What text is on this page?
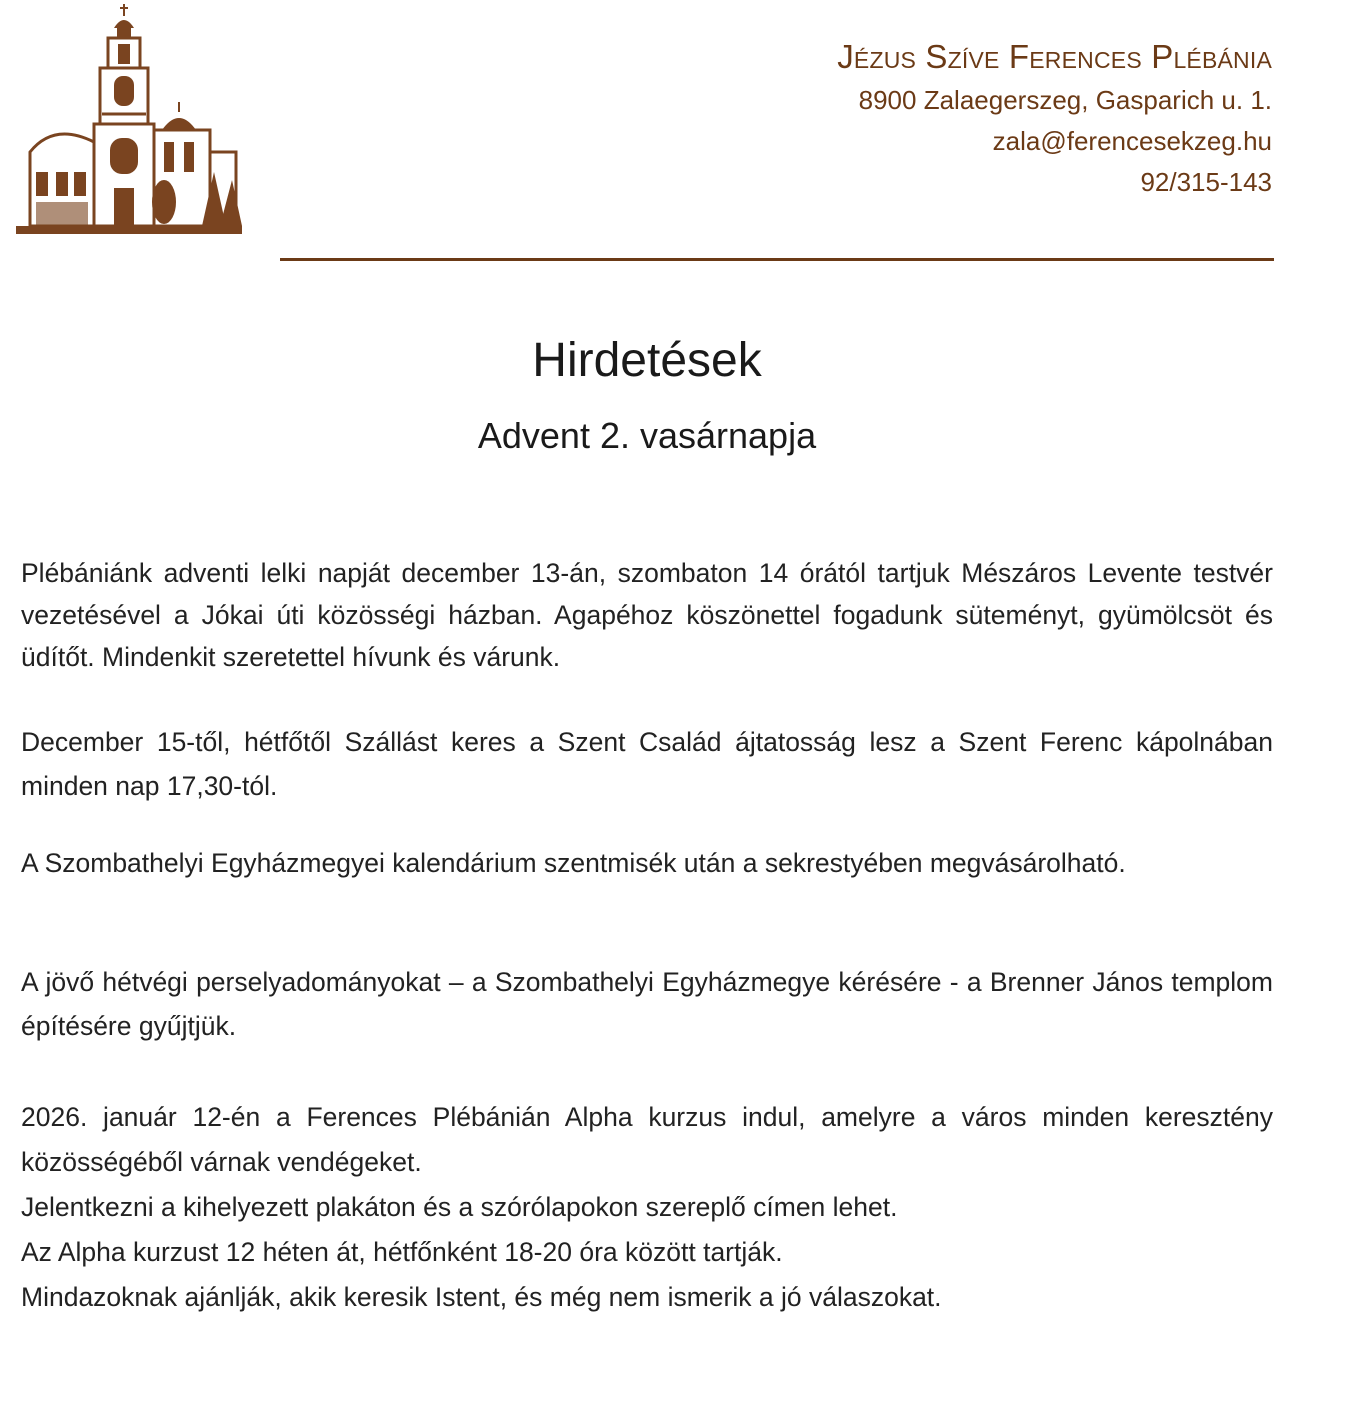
Jézus Szíve Ferences Plébánia
8900 Zalaegerszeg, Gasparich u. 1.
zala@ferencesekzeg.hu
92/315-143
Hirdetések
Advent 2. vasárnapja

Plébániánk adventi lelki napját december 13-án, szombaton 14 órától tartjuk Mészáros Levente testvér vezetésével a Jókai úti közösségi házban. Agapéhoz köszönettel fogadunk süteményt, gyümölcsöt és üdítőt. Mindenkit szeretettel hívunk és várunk.

December 15-től, hétfőtől Szállást keres a Szent Család ájtatosság lesz a Szent Ferenc kápolnában minden nap 17,30-tól.

A Szombathelyi Egyházmegyei kalendárium szentmisék után a sekrestyében megvásárolható.

A jövő hétvégi perselyadományokat – a Szombathelyi Egyházmegye kérésére - a Brenner János templom építésére gyűjtjük.

2026. január 12-én a Ferences Plébánián Alpha kurzus indul, amelyre a város minden keresztény közösségéből várnak vendégeket.
Jelentkezni a kihelyezett plakáton és a szórólapokon szereplő címen lehet.
Az Alpha kurzust 12 héten át, hétfőnként 18-20 óra között tartják.
Mindazoknak ajánlják, akik keresik Istent, és még nem ismerik a jó válaszokat.
